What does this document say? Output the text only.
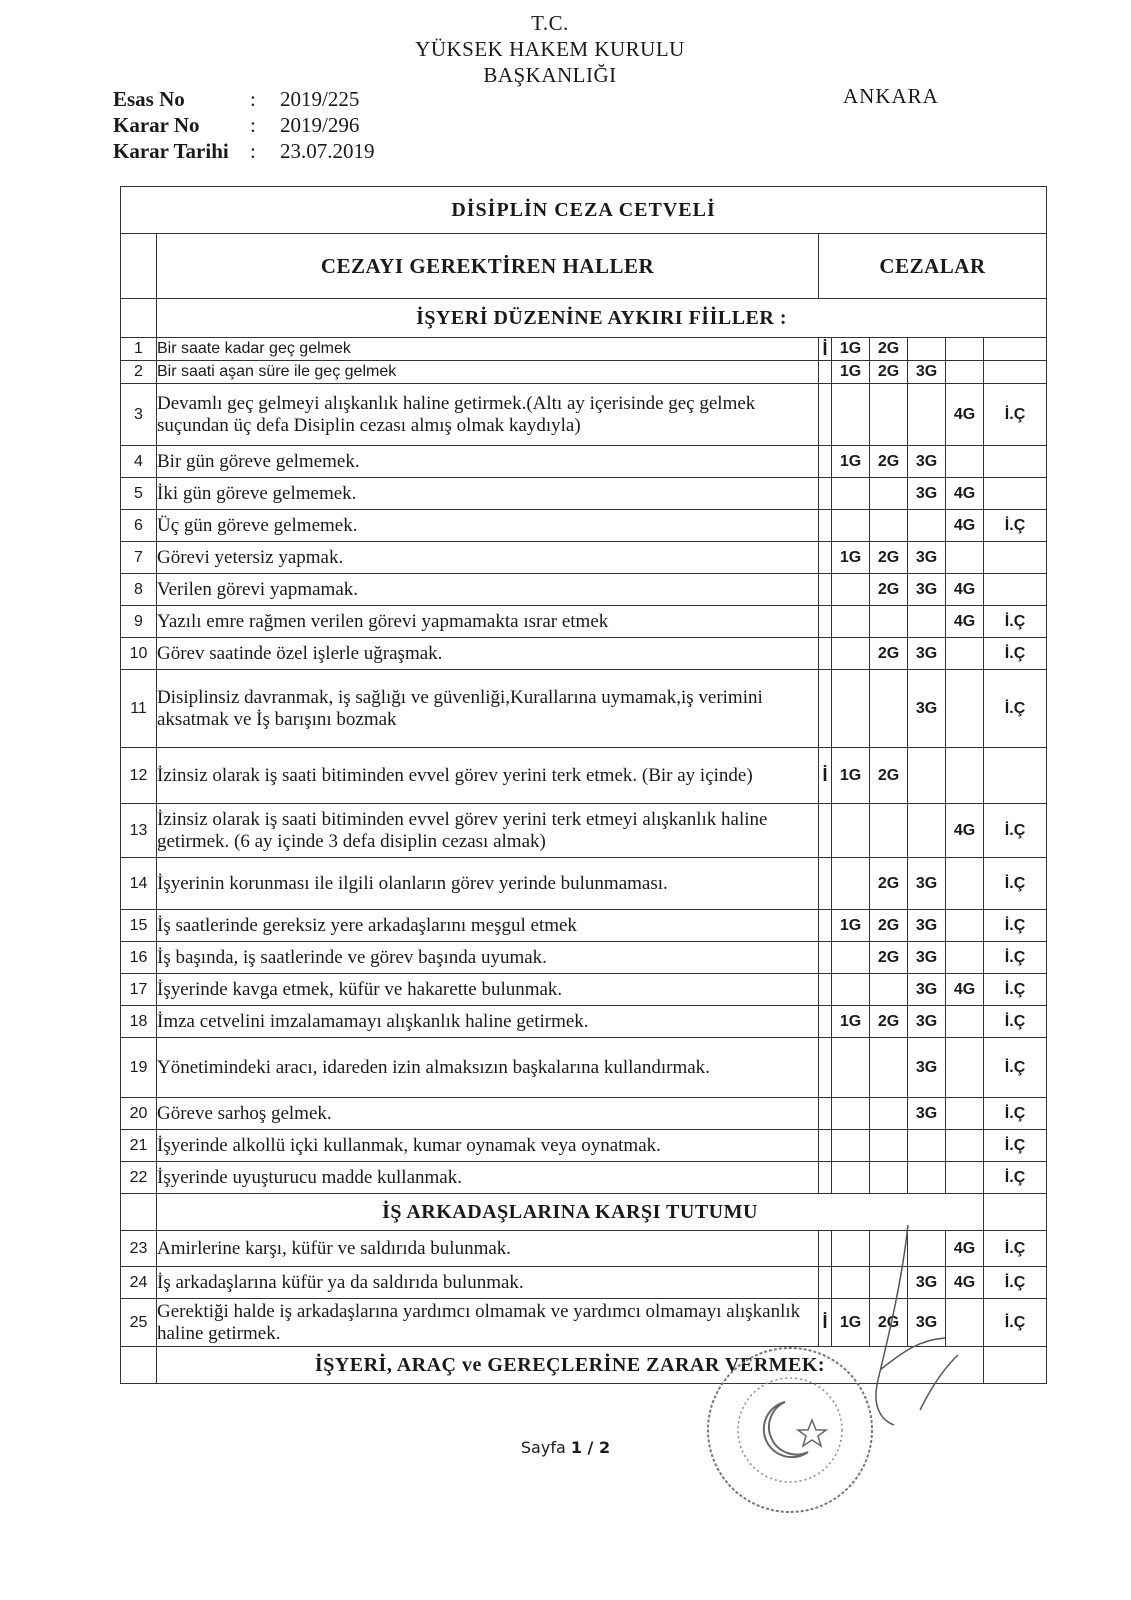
T.C.
YÜKSEK HAKEM KURULU
BAŞKANLIĞI
ANKARA
Esas No	:	2019/225
Karar No	:	2019/296
Karar Tarihi	:	23.07.2019
DİSİPLİN CEZA CETVELİ							
	CEZAYI GEREKTİREN HALLER	CEZALAR					
	İŞYERİ DÜZENİNE AYKIRI FİİLLER :						
1	Bir saate kadar geç gelmek	İ	1G	2G			
2	Bir saati aşan süre ile geç gelmek		1G	2G	3G		
3	Devamlı geç gelmeyi alışkanlık haline getirmek.(Altı ay içerisinde geç gelmek suçundan üç defa Disiplin cezası almış olmak kaydıyla)					4G	İ.Ç
4	Bir gün göreve gelmemek.		1G	2G	3G		
5	İki gün göreve gelmemek.				3G	4G	
6	Üç gün göreve gelmemek.					4G	İ.Ç
7	Görevi yetersiz yapmak.		1G	2G	3G		
8	Verilen görevi yapmamak.			2G	3G	4G	
9	Yazılı emre rağmen verilen görevi yapmamakta ısrar etmek					4G	İ.Ç
10	Görev saatinde özel işlerle uğraşmak.			2G	3G		İ.Ç
11	Disiplinsiz davranmak, iş sağlığı ve güvenliği,Kurallarına uymamak,iş verimini aksatmak ve İş barışını bozmak				3G		İ.Ç
12	İzinsiz olarak iş saati bitiminden evvel görev yerini terk etmek. (Bir ay içinde)	İ	1G	2G			
13	İzinsiz olarak iş saati bitiminden evvel görev yerini terk etmeyi alışkanlık haline getirmek. (6 ay içinde 3 defa disiplin cezası almak)					4G	İ.Ç
14	İşyerinin korunması ile ilgili olanların görev yerinde bulunmaması.			2G	3G		İ.Ç
15	İş saatlerinde gereksiz yere arkadaşlarını meşgul etmek		1G	2G	3G		İ.Ç
16	İş başında, iş saatlerinde ve görev başında uyumak.			2G	3G		İ.Ç
17	İşyerinde kavga etmek, küfür ve hakarette bulunmak.				3G	4G	İ.Ç
18	İmza cetvelini imzalamamayı alışkanlık haline getirmek.		1G	2G	3G		İ.Ç
19	Yönetimindeki aracı, idareden izin almaksızın başkalarına kullandırmak.				3G		İ.Ç
20	Göreve sarhoş gelmek.				3G		İ.Ç
21	İşyerinde alkollü içki kullanmak, kumar oynamak veya oynatmak.						İ.Ç
22	İşyerinde uyuşturucu madde kullanmak.						İ.Ç
	İŞ ARKADAŞLARINA KARŞI TUTUMU						
23	Amirlerine karşı, küfür ve saldırıda bulunmak.					4G	İ.Ç
24	İş arkadaşlarına küfür ya da saldırıda bulunmak.				3G	4G	İ.Ç
25	Gerektiği halde iş arkadaşlarına yardımcı olmamak ve yardımcı olmamayı alışkanlık haline getirmek.	İ	1G	2G	3G		İ.Ç
	İŞYERİ, ARAÇ ve GEREÇLERİNE ZARAR VERMEK:						
Sayfa 1 / 2
